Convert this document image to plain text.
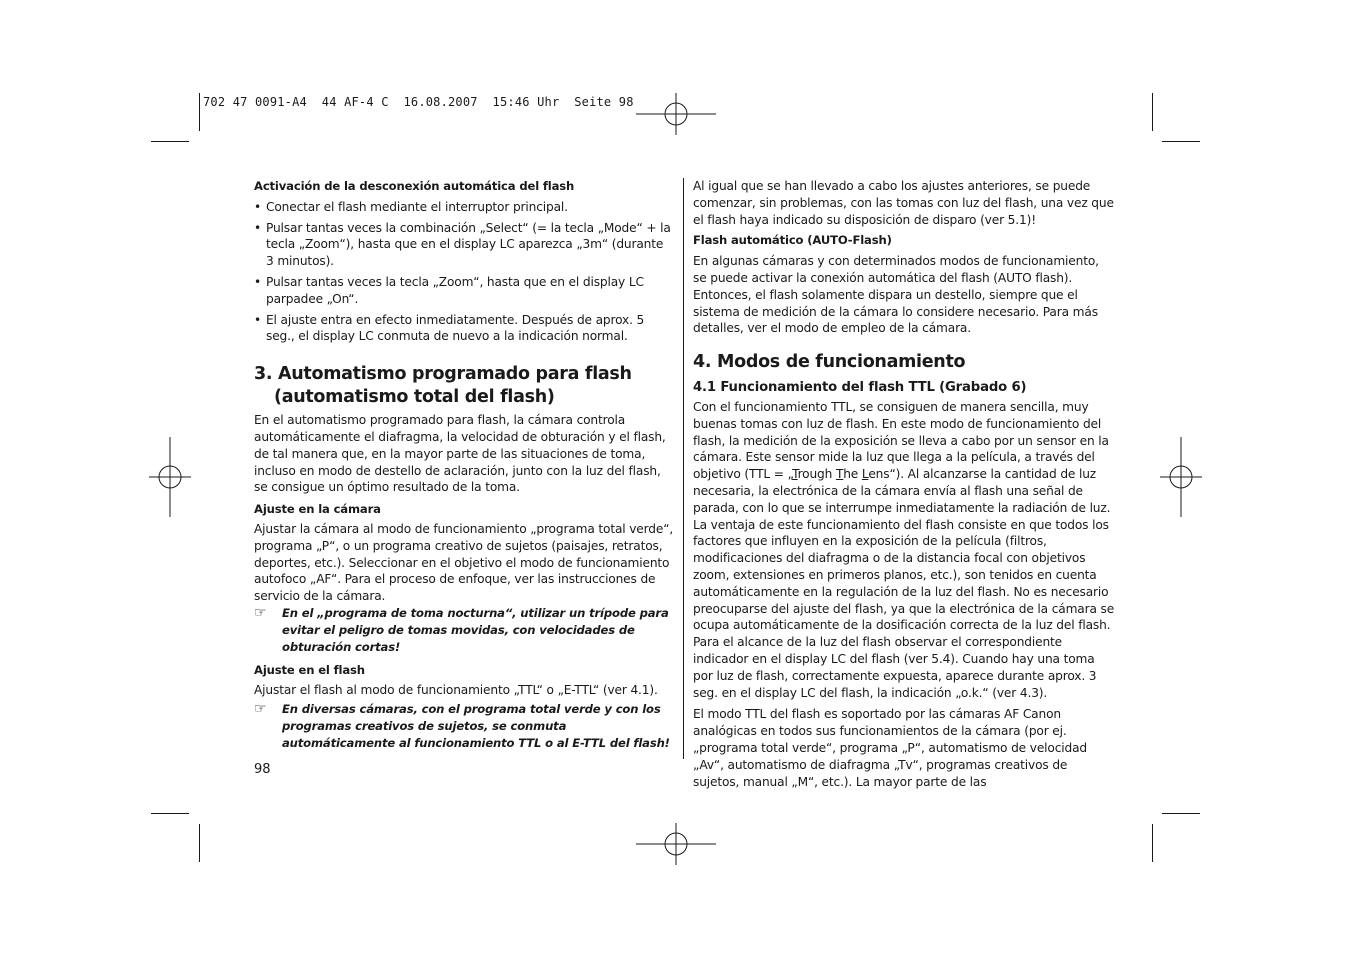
702 47 0091-A4  44 AF-4 C  16.08.2007  15:46 Uhr  Seite 98

Activación de la desconexión automática del flash

• Conectar el flash mediante el interruptor principal.
• Pulsar tantas veces la combinación „Select“ (= la tecla „Mode“ + la tecla „Zoom“), hasta que en el display LC aparezca „3m“ (durante 3 minutos).
• Pulsar tantas veces la tecla „Zoom“, hasta que en el display LC parpadee „On“.
• El ajuste entra en efecto inmediatamente. Después de aprox. 5 seg., el display LC conmuta de nuevo a la indicación normal.

3. Automatismo programado para flash
(automatismo total del flash)

En el automatismo programado para flash, la cámara controla automáticamente el diafragma, la velocidad de obturación y el flash, de tal manera que, en la mayor parte de las situaciones de toma, incluso en modo de destello de aclaración, junto con la luz del flash, se consigue un óptimo resultado de la toma.

Ajuste en la cámara

Ajustar la cámara al modo de funcionamiento „programa total verde“, programa „P“, o un programa creativo de sujetos (paisajes, retratos, deportes, etc.). Seleccionar en el objetivo el modo de funcionamiento autofoco „AF“. Para el proceso de enfoque, ver las instrucciones de servicio de la cámara.

☞	En el „programa de toma nocturna“, utilizar un trípode para evitar el peligro de tomas movidas, con velocidades de obturación cortas!

Ajuste en el flash

Ajustar el flash al modo de funcionamiento „TTL“ o „E-TTL“ (ver 4.1).

☞	En diversas cámaras, con el programa total verde y con los programas creativos de sujetos, se conmuta automáticamente al funcionamiento TTL o al E-TTL del flash!

Al igual que se han llevado a cabo los ajustes anteriores, se puede comenzar, sin problemas, con las tomas con luz del flash, una vez que el flash haya indicado su disposición de disparo (ver 5.1)!

Flash automático (AUTO-Flash)

En algunas cámaras y con determinados modos de funcionamiento, se puede activar la conexión automática del flash (AUTO flash). Entonces, el flash solamente dispara un destello, siempre que el sistema de medición de la cámara lo considere necesario. Para más detalles, ver el modo de empleo de la cámara.

4. Modos de funcionamiento

4.1 Funcionamiento del flash TTL (Grabado 6)

Con el funcionamiento TTL, se consiguen de manera sencilla, muy buenas tomas con luz de flash. En este modo de funcionamiento del flash, la medición de la exposición se lleva a cabo por un sensor en la cámara. Este sensor mide la luz que llega a la película, a través del objetivo (TTL = „Trough The Lens“). Al alcanzarse la cantidad de luz necesaria, la electrónica de la cámara envía al flash una señal de parada, con lo que se interrumpe inmediatamente la radiación de luz. La ventaja de este funcionamiento del flash consiste en que todos los factores que influyen en la exposición de la película (filtros, modificaciones del diafragma o de la distancia focal con objetivos zoom, extensiones en primeros planos, etc.), son tenidos en cuenta automáticamente en la regulación de la luz del flash. No es necesario preocuparse del ajuste del flash, ya que la electrónica de la cámara se ocupa automáticamente de la dosificación correcta de la luz del flash. Para el alcance de la luz del flash observar el correspondiente indicador en el display LC del flash (ver 5.4). Cuando hay una toma por luz de flash, correctamente expuesta, aparece durante aprox. 3 seg. en el display LC del flash, la indicación „o.k.“ (ver 4.3).

El modo TTL del flash es soportado por las cámaras AF Canon analógicas en todos sus funcionamientos de la cámara (por ej. „programa total verde“, programa „P“, automatismo de velocidad „Av“, automatismo de diafragma „Tv“, programas creativos de sujetos, manual „M“, etc.). La mayor parte de las

98
